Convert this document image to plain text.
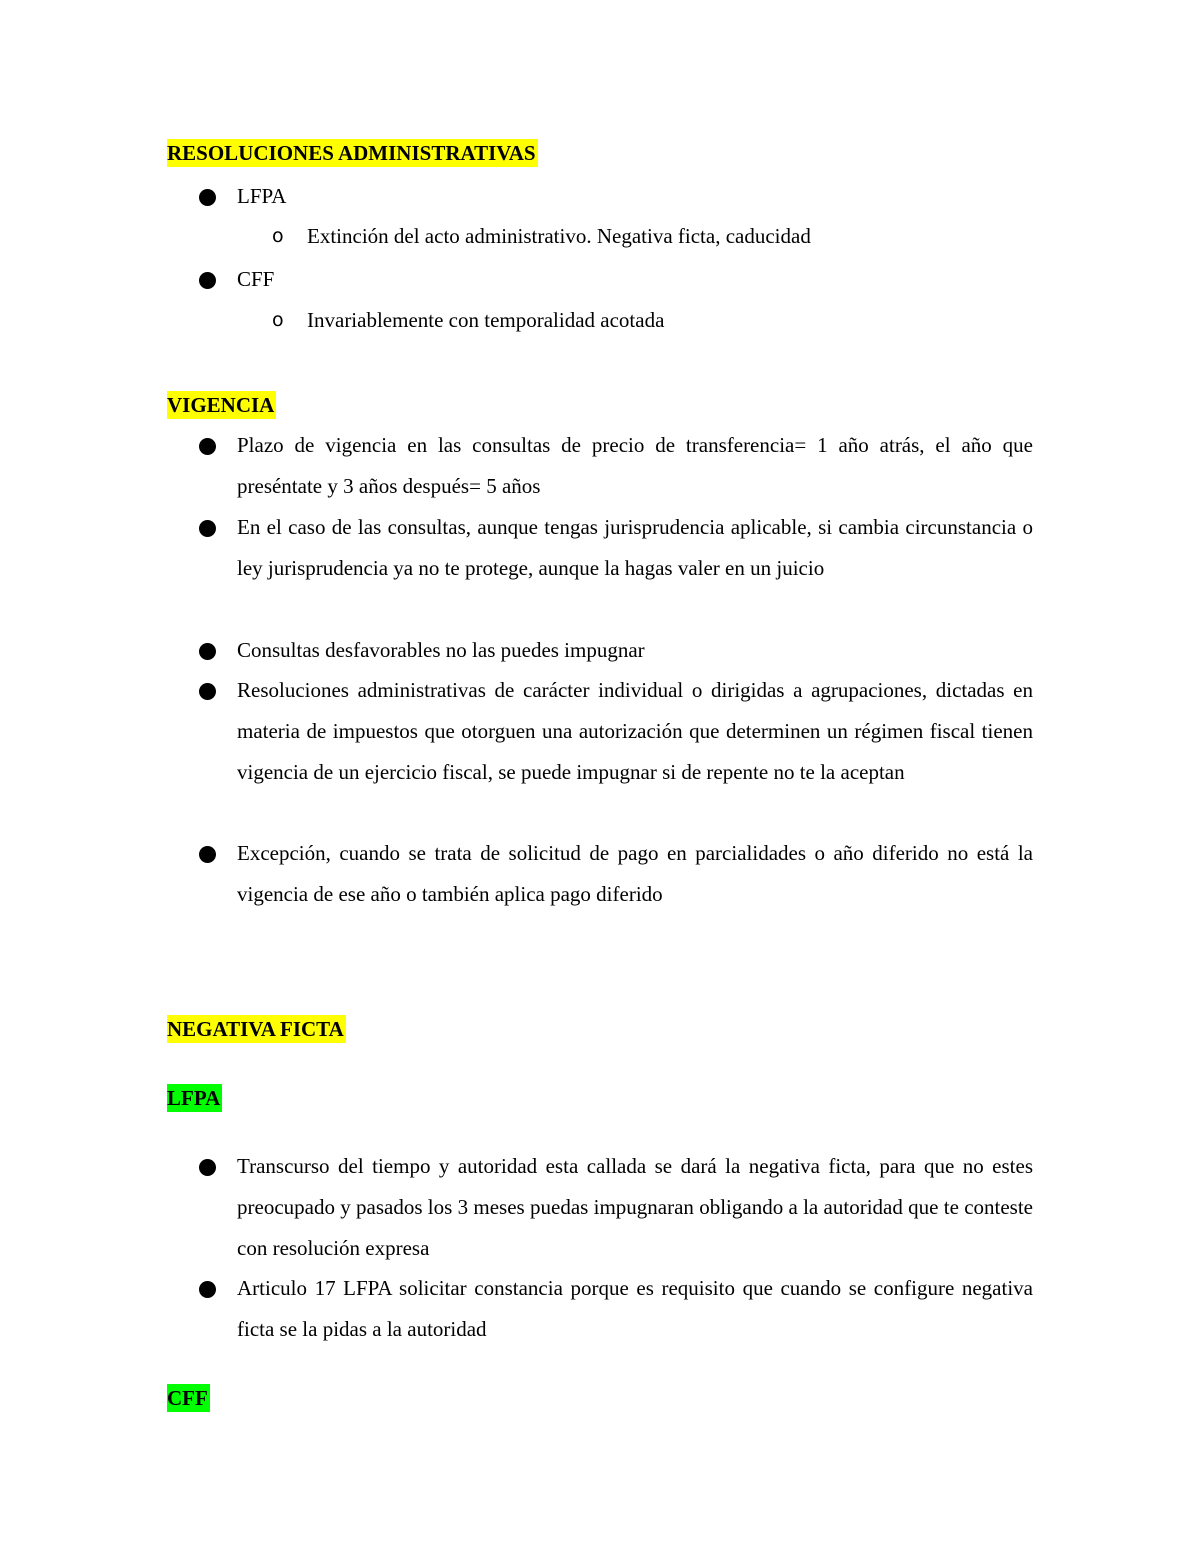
RESOLUCIONES ADMINISTRATIVAS
LFPA
o Extinción del acto administrativo. Negativa ficta, caducidad
CFF
o Invariablemente con temporalidad acotada
VIGENCIA
Plazo de vigencia en las consultas de precio de transferencia= 1 año atrás, el año que preséntate y 3 años después= 5 años
En el caso de las consultas, aunque tengas jurisprudencia aplicable, si cambia circunstancia o ley jurisprudencia ya no te protege, aunque la hagas valer en un juicio
Consultas desfavorables no las puedes impugnar
Resoluciones administrativas de carácter individual o dirigidas a agrupaciones, dictadas en materia de impuestos que otorguen una autorización que determinen un régimen fiscal tienen vigencia de un ejercicio fiscal, se puede impugnar si de repente no te la aceptan
Excepción, cuando se trata de solicitud de pago en parcialidades o año diferido no está la vigencia de ese año o también aplica pago diferido
NEGATIVA FICTA
LFPA
Transcurso del tiempo y autoridad esta callada se dará la negativa ficta, para que no estes preocupado y pasados los 3 meses puedas impugnaran obligando a la autoridad que te conteste con resolución expresa
Articulo 17 LFPA solicitar constancia porque es requisito que cuando se configure negativa ficta se la pidas a la autoridad
CFF
